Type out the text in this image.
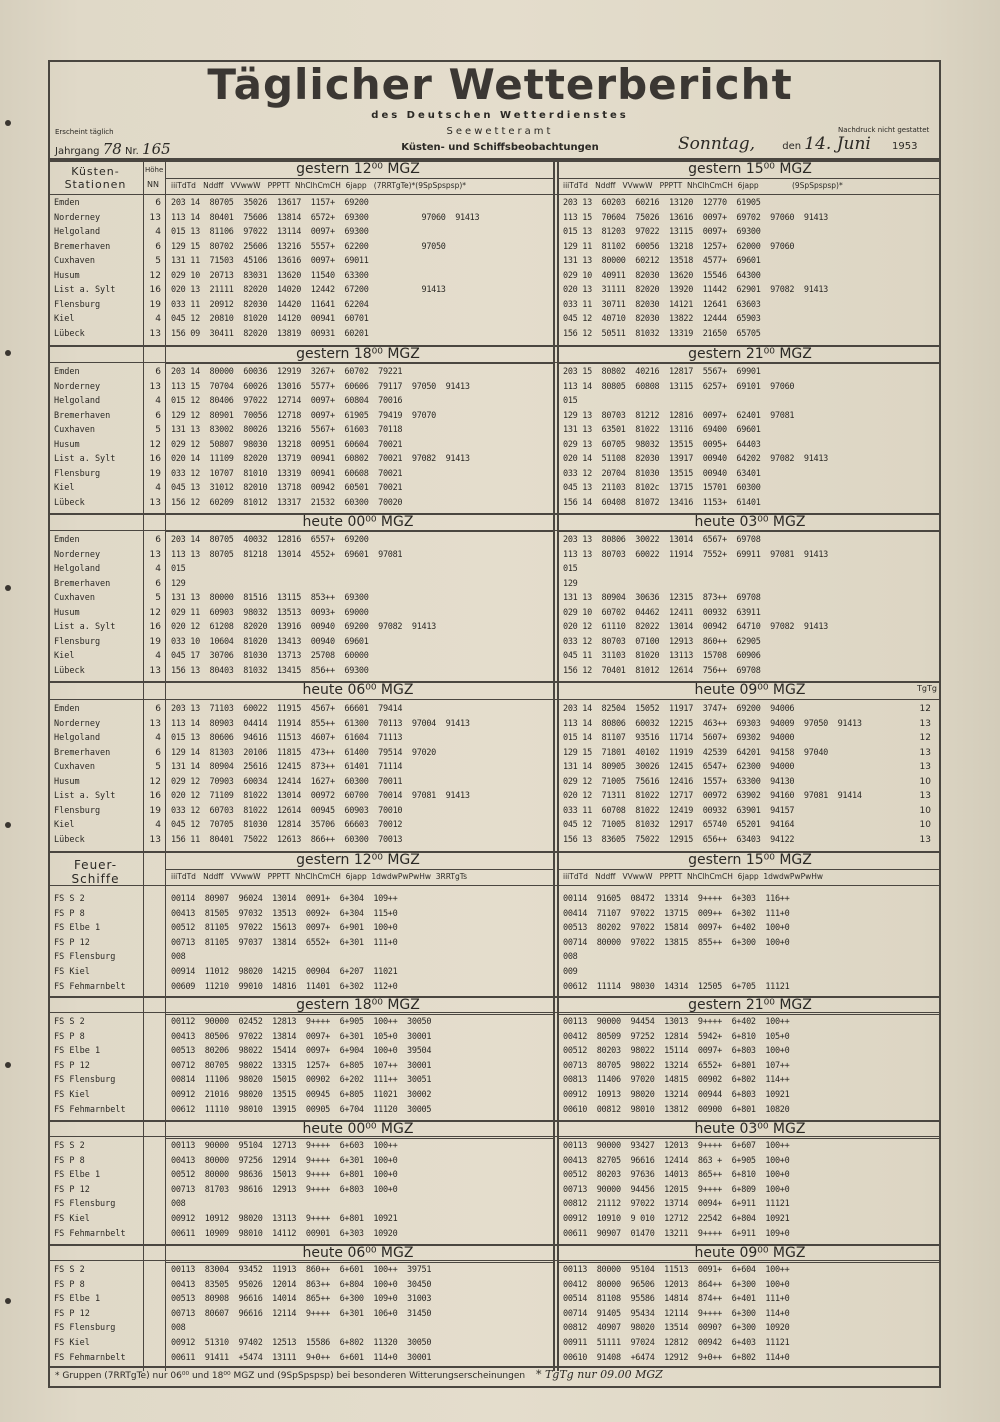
Täglicher Wetterbericht
des Deutschen Wetterdienstes
Seewetteramt
Küsten- und Schiffsbeobachtungen
Erscheint täglich	Nachdruck nicht gestattet
Jahrgang 78 Nr. 165	Sonntag,	den 14. Juni 1953
gestern 12⁰⁰ MGZ	gestern 15⁰⁰ MGZ
iiiTdTd   Nddff   VVwwW   PPPTT  NhClhCmCH  6japp   (7RRTgTe)*(9SpSpspsp)*	iiiTdTd   Nddff   VVwwW   PPPTT  NhClhCmCH  6japp              (9SpSpspsp)*
Küsten-
Stationen
Höhe
NN
Emden	6 203 14  80705  35026  13617  1157+  69200	203 13  60203  60216  13120  12770  61905
Norderney	13 113 14  80401  75606  13814  6572+  69300           97060  91413	113 15  70604  75026  13616  0097+  69702  97060  91413
Helgoland	4 015 13  81106  97022  13114  0097+  69300	015 13  81203  97022  13115  0097+  69300
Bremerhaven	6 129 15  80702  25606  13216  5557+  62200           97050	129 11  81102  60056  13218  1257+  62000  97060
Cuxhaven	5 131 11  71503  45106  13616  0097+  69011	131 13  80000  60212  13518  4577+  69601
Husum	12 029 10  20713  83031  13620  11540  63300	029 10  40911  82030  13620  15546  64300
List a. Sylt	16 020 13  21111  82020  14020  12442  67200           91413	020 13  31111  82020  13920  11442  62901  97082  91413
Flensburg	19 033 11  20912  82030  14420  11641  62204	033 11  30711  82030  14121  12641  63603
Kiel	4 045 12  20810  81020  14120  00941  60701	045 12  40710  82030  13822  12444  65903
Lübeck	13 156 09  30411  82020  13819  00931  60201	156 12  50511  81032  13319  21650  65705
gestern 18⁰⁰ MGZ	gestern 21⁰⁰ MGZ
Emden	6 203 14  80000  60036  12919  3267+  60702  79221	203 15  80802  40216  12817  5567+  69901
Norderney	13 113 15  70704  60026  13016  5577+  60606  79117  97050  91413	113 14  80805  60808  13115  6257+  69101  97060
Helgoland	4 015 12  80406  97022  12714  0097+  60804  70016	015
Bremerhaven	6 129 12  80901  70056  12718  0097+  61905  79419  97070	129 13  80703  81212  12816  0097+  62401  97081
Cuxhaven	5 131 13  83002  80026  13216  5567+  61603  70118	131 13  63501  81022  13116  69400  69601
Husum	12 029 12  50807  98030  13218  00951  60604  70021	029 13  60705  98032  13515  0095+  64403
List a. Sylt	16 020 14  11109  82020  13719  00941  60802  70021  97082  91413	020 14  51108  82030  13917  00940  64202  97082  91413
Flensburg	19 033 12  10707  81010  13319  00941  60608  70021	033 12  20704  81030  13515  00940  63401
Kiel	4 045 13  31012  82010  13718  00942  60501  70021	045 13  21103  8102c  13715  15701  60300
Lübeck	13 156 12  60209  81012  13317  21532  60300  70020	156 14  60408  81072  13416  1153+  61401
heute 00⁰⁰ MGZ	heute 03⁰⁰ MGZ
Emden	6 203 14  80705  40032  12816  6557+  69200	203 13  80806  30022  13014  6567+  69708
Norderney	13 113 13  80705  81218  13014  4552+  69601  97081	113 13  80703  60022  11914  7552+  69911  97081  91413
Helgoland	4 015	015
Bremerhaven	6 129	129
Cuxhaven	5 131 13  80000  81516  13115  853++  69300	131 13  80904  30636  12315  873++  69708
Husum	12 029 11  60903  98032  13513  0093+  69000	029 10  60702  04462  12411  00932  63911
List a. Sylt	16 020 12  61208  82020  13916  00940  69200  97082  91413	020 12  61110  82022  13014  00942  64710  97082  91413
Flensburg	19 033 10  10604  81020  13413  00940  69601	033 12  80703  07100  12913  860++  62905
Kiel	4 045 17  30706  81030  13713  25708  60000	045 11  31103  81020  13113  15708  60906
Lübeck	13 156 13  80403  81032  13415  856++  69300	156 12  70401  81012  12614  756++  69708
heute 06⁰⁰ MGZ	heute 09⁰⁰ MGZ	TgTg
Emden	6 203 13  71103  60022  11915  4567+  66601  79414	203 14  82504  15052  11917  3747+  69200  94006	12
Norderney	13 113 14  80903  04414  11914  855++  61300  70113  97004  91413	113 14  80806  60032  12215  463++  69303  94009  97050  91413	13
Helgoland	4 015 13  80606  94616  11513  4607+  61604  71113	015 14  81107  93516  11714  5607+  69302  94000	12
Bremerhaven	6 129 14  81303  20106  11815  473++  61400  79514  97020	129 15  71801  40102  11919  42539  64201  94158  97040	13
Cuxhaven	5 131 14  80904  25616  12415  873++  61401  71114	131 14  80905  30026  12415  6547+  62300  94000	13
Husum	12 029 12  70903  60034  12414  1627+  60300  70011	029 12  71005  75616  12416  1557+  63300  94130	10
List a. Sylt	16 020 12  71109  81022  13014  00972  60700  70014  97081  91413	020 12  71311  81022  12717  00972  63902  94160  97081  91414	13
Flensburg	19 033 12  60703  81022  12614  00945  60903  70010	033 11  60708  81022  12419  00932  63901  94157	10
Kiel	4 045 12  70705  81030  12814  35706  66603  70012	045 12  71005  81032  12917  65740  65201  94164	10
Lübeck	13 156 11  80401  75022  12613  866++  60300  70013	156 13  83605  75022  12915  656++  63403  94122	13
gestern 12⁰⁰ MGZ	gestern 15⁰⁰ MGZ
iiiTdTd   Nddff   VVwwW   PPPTT  NhClhCmCH  6japp  1dwdwPwPwHw  3RRTgTs	iiiTdTd   Nddff   VVwwW   PPPTT  NhClhCmCH  6japp  1dwdwPwPwHw
Feuer-
Schiffe
FS S 2	00114  80907  96024  13014  0091+  6+304  109++	00114  91605  08472  13314  9++++  6+303  116++
FS P 8	00413  81505  97032  13513  0092+  6+304  115+0	00414  71107  97022  13715  009++  6+302  111+0
FS Elbe 1	00512  81105  97022  15613  0097+  6+901  100+0	00513  80202  97022  15814  0097+  6+402  100+0
FS P 12	00713  81105  97037  13814  6552+  6+301  111+0	00714  80000  97022  13815  855++  6+300  100+0
FS Flensburg	008	008
FS Kiel	00914  11012  98020  14215  00904  6+207  11021	009
FS Fehmarnbelt	00609  11210  99010  14816  11401  6+302  112+0	00612  11114  98030  14314  12505  6+705  11121
gestern 18⁰⁰ MGZ	gestern 21⁰⁰ MGZ
FS S 2	00112  90000  02452  12813  9++++  6+905  100++  30050	00113  90000  94454  13013  9++++  6+402  100++
FS P 8	00413  80506  97022  13814  0097+  6+301  105+0  30001	00412  80509  97252  12814  5942+  6+810  105+0
FS Elbe 1	00513  80206  98022  15414  0097+  6+904  100+0  39504	00512  80203  98022  15114  0097+  6+803  100+0
FS P 12	00712  80705  98022  13315  1257+  6+805  107++  30001	00713  80705  98022  13214  6552+  6+801  107++
FS Flensburg	00814  11106  98020  15015  00902  6+202  111++  30051	00813  11406  97020  14815  00902  6+802  114++
FS Kiel	00912  21016  98020  13515  00945  6+805  11021  30002	00912  10913  98020  13214  00944  6+803  10921
FS Fehmarnbelt	00612  11110  98010  13915  00905  6+704  11120  30005	00610  00812  98010  13812  00900  6+801  10820
heute 00⁰⁰ MGZ	heute 03⁰⁰ MGZ
FS S 2	00113  90000  95104  12713  9++++  6+603  100++	00113  90000  93427  12013  9++++  6+607  100++
FS P 8	00413  80000  97256  12914  9++++  6+301  100+0	00413  82705  96616  12414  863 +  6+905  100+0
FS Elbe 1	00512  80000  98636  15013  9++++  6+801  100+0	00512  80203  97636  14013  865++  6+810  100+0
FS P 12	00713  81703  98616  12913  9++++  6+803  100+0	00713  90000  94456  12015  9++++  6+809  100+0
FS Flensburg	008	00812  21112  97022  13714  0094+  6+911  11121
FS Kiel	00912  10912  98020  13113  9++++  6+801  10921	00912  10910  9 010  12712  22542  6+804  10921
FS Fehmarnbelt	00611  10909  98010  14112  00901  6+303  10920	00611  90907  01470  13211  9++++  6+911  109+0
heute 06⁰⁰ MGZ	heute 09⁰⁰ MGZ
FS S 2	00113  83004  93452  11913  860++  6+601  100++  39751	00113  80000  95104  11513  0091+  6+604  100++
FS P 8	00413  83505  95026  12014  863++  6+804  100+0  30450	00412  80000  96506  12013  864++  6+300  100+0
FS Elbe 1	00513  80908  96616  14014  865++  6+300  109+0  31003	00514  81108  95586  14814  874++  6+401  111+0
FS P 12	00713  80607  96616  12114  9++++  6+301  106+0  31450	00714  91405  95434  12114  9++++  6+300  114+0
FS Flensburg	008	00812  40907  98020  13514  0090?  6+300  10920
FS Kiel	00912  51310  97402  12513  15586  6+802  11320  30050	00911  51111  97024  12812  00942  6+403  11121
FS Fehmarnbelt	00611  91411  +5474  13111  9+0++  6+601  114+0  30001	00610  91408  +6474  12912  9+0++  6+802  114+0
* Gruppen (7RRTgTe) nur 06⁰⁰ und 18⁰⁰ MGZ und (9SpSpspsp) bei besonderen Witterungserscheinungen * TgTg nur 09.00 MGZ
